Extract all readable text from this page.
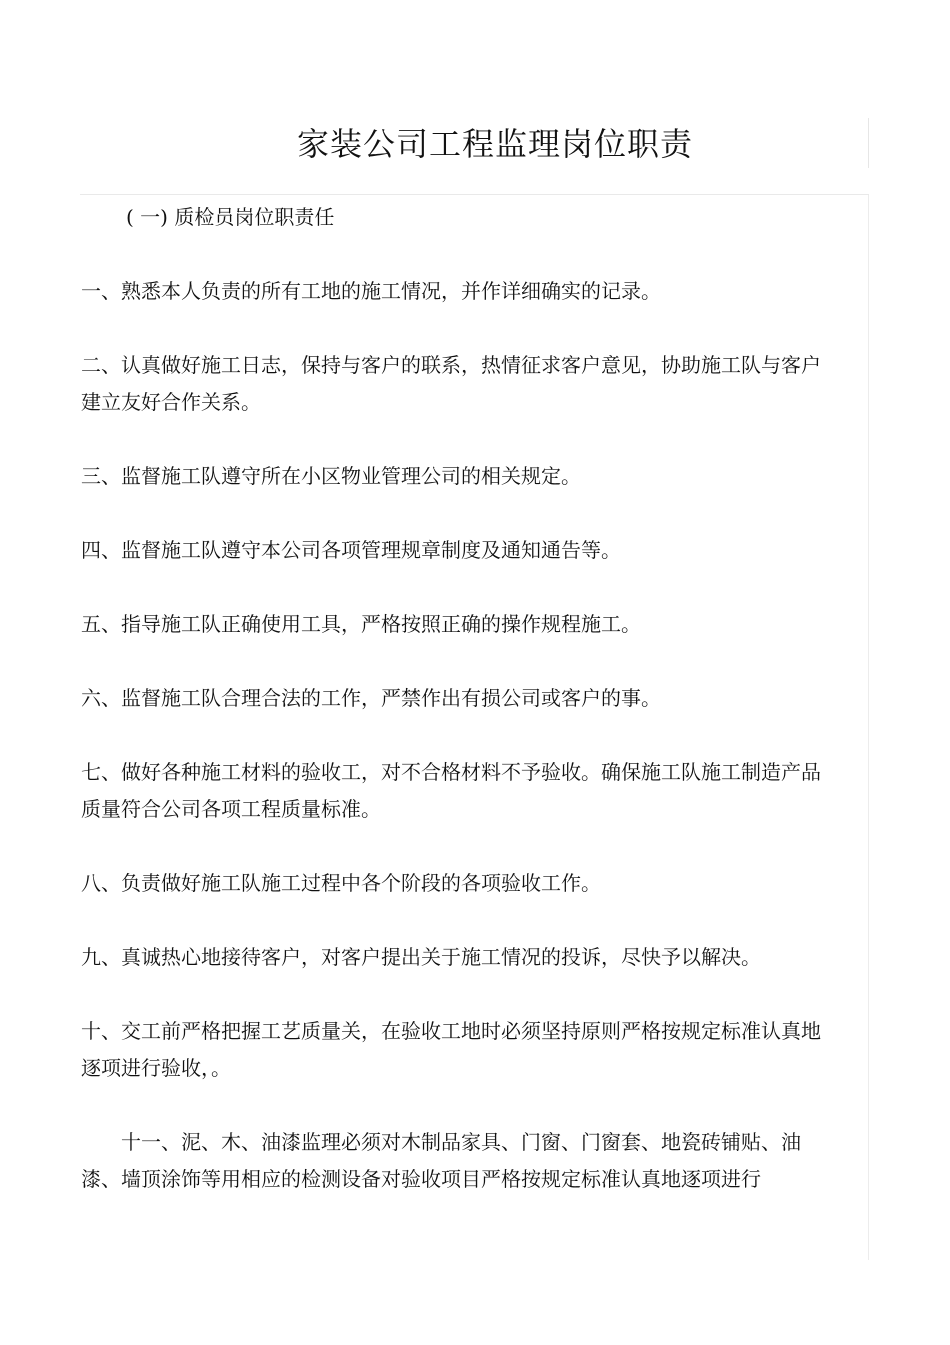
家装公司工程监理岗位职责

( 一) 质检员岗位职责任

一、熟悉本人负责的所有工地的施工情况，并作详细确实的记录。

二、认真做好施工日志，保持与客户的联系，热情征求客户意见，协助施工队与客户建立友好合作关系。

三、监督施工队遵守所在小区物业管理公司的相关规定。

四、监督施工队遵守本公司各项管理规章制度及通知通告等。

五、指导施工队正确使用工具，严格按照正确的操作规程施工。

六、监督施工队合理合法的工作，严禁作出有损公司或客户的事。

七、做好各种施工材料的验收工，对不合格材料不予验收。确保施工队施工制造产品质量符合公司各项工程质量标准。

八、负责做好施工队施工过程中各个阶段的各项验收工作。

九、真诚热心地接待客户，对客户提出关于施工情况的投诉，尽快予以解决。

十、交工前严格把握工艺质量关，在验收工地时必须坚持原则严格按规定标准认真地逐项进行验收，。

十一、泥、木、油漆监理必须对木制品家具、门窗、门窗套、地瓷砖铺贴、油漆、墙顶涂饰等用相应的检测设备对验收项目严格按规定标准认真地逐项进行
